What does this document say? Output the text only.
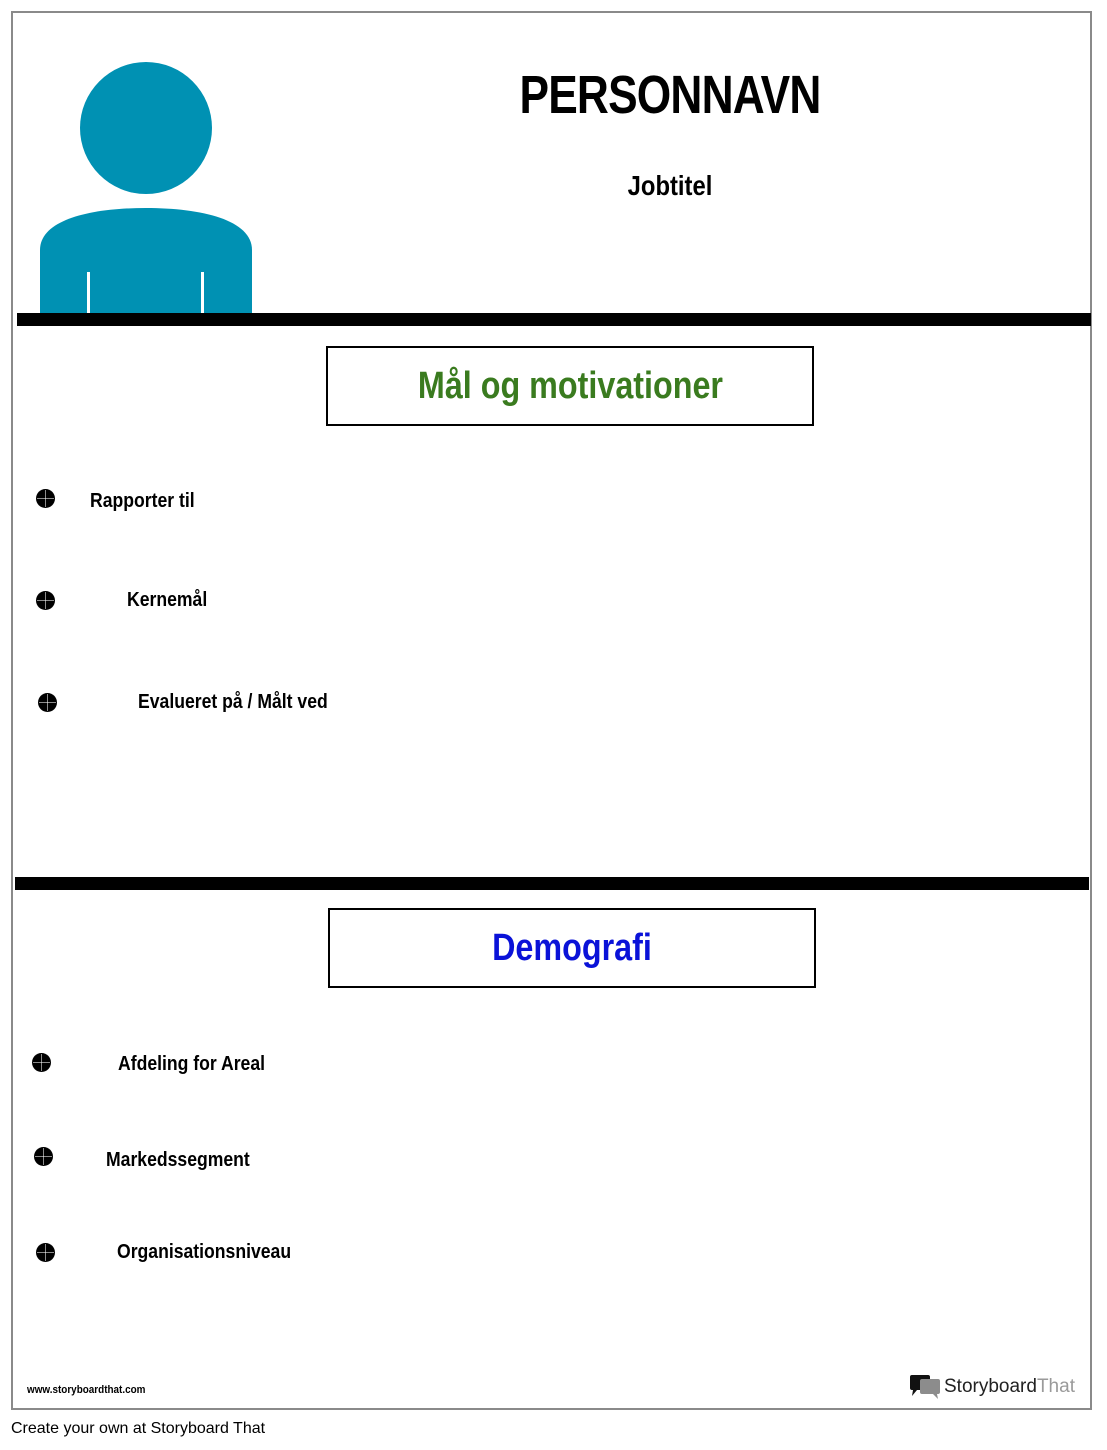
PERSONNAVN
Jobtitel
Mål og motivationer
Rapporter til
Kernemål
Evalueret på / Målt ved
Demografi
Afdeling for Areal
Markedssegment
Organisationsniveau
www.storyboardthat.com	Storyboard That
Create your own at Storyboard That
